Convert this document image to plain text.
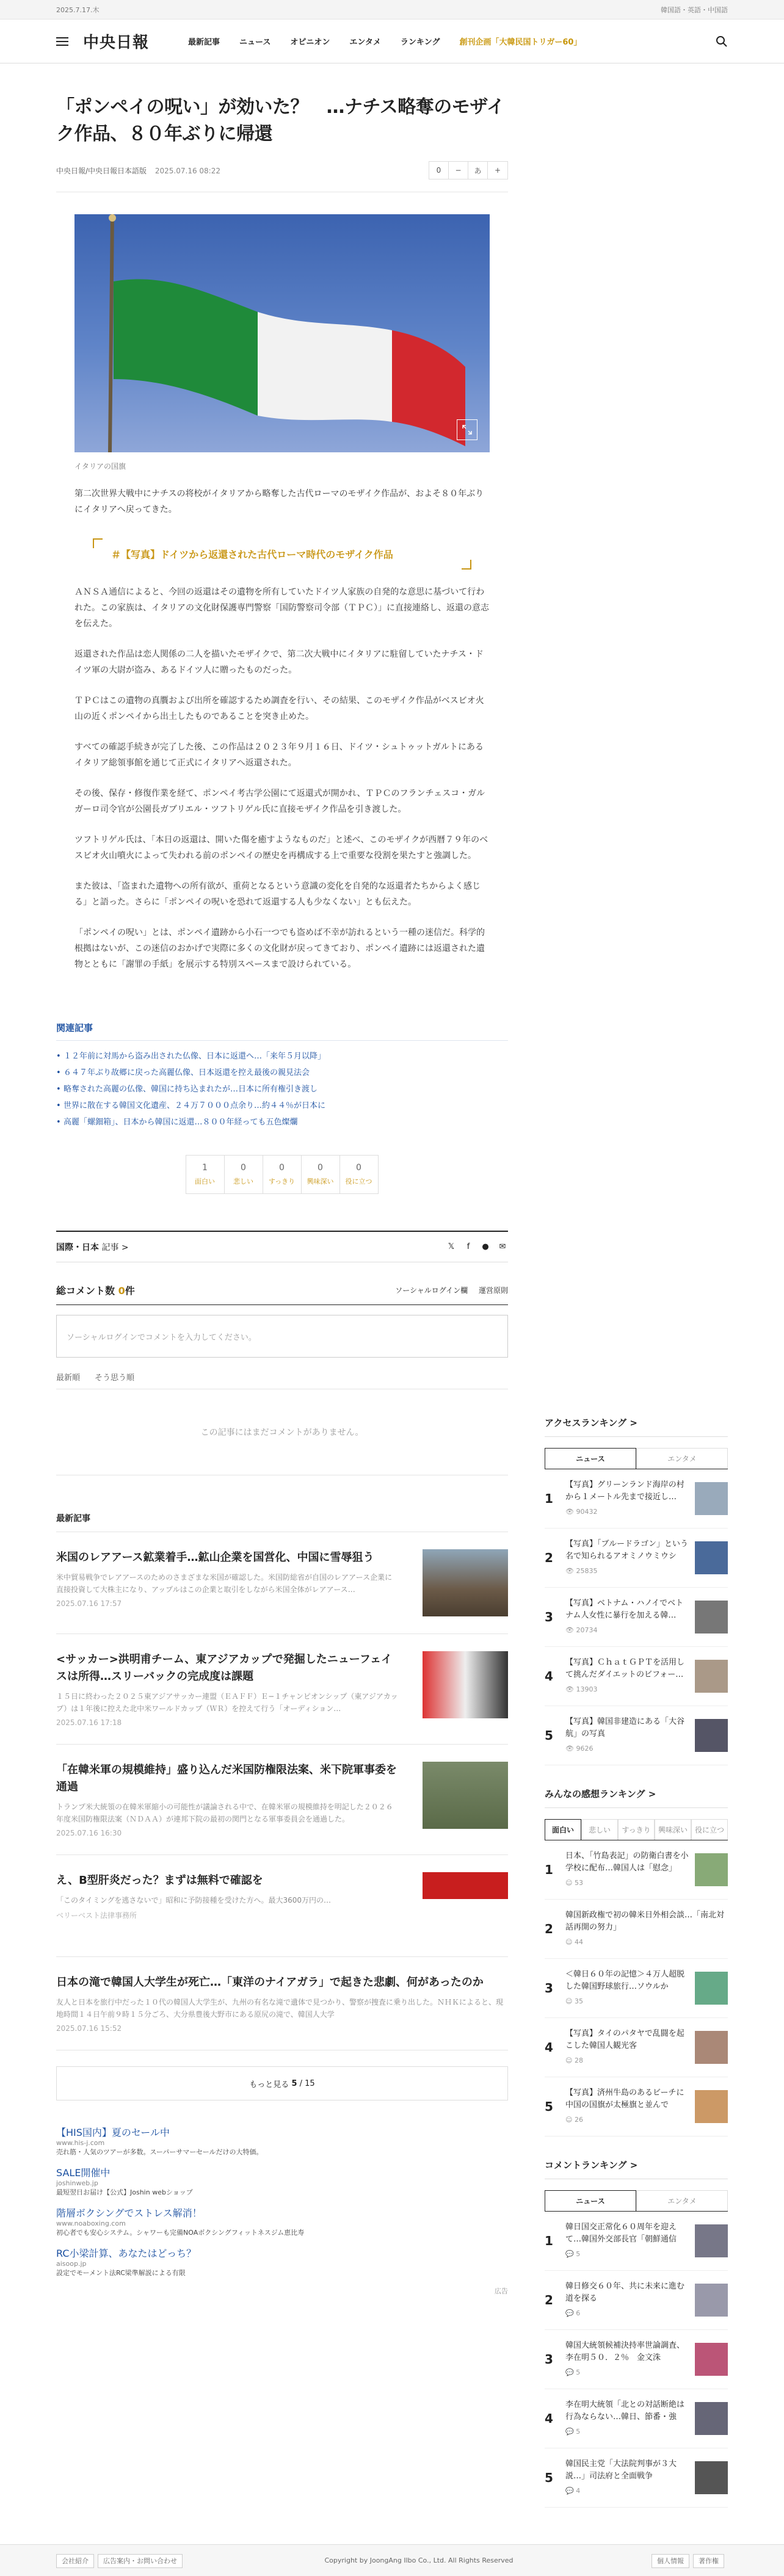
2025.7.17.木	韓国語・英語・中国語
中央日報	最新記事 ニュース オピニオン エンタメ ランキング 創刊企画「大韓民国トリガー60」
「ポンペイの呪い」が効いた？　…ナチス略奪のモザイク作品、８０年ぶりに帰還
中央日報/中央日報日本語版 2025.07.16 08:22	0	−	あ	+
イタリアの国旗

第二次世界大戦中にナチスの将校がイタリアから略奪した古代ローマのモザイク作品が、およそ８０年ぶりにイタリアへ戻ってきた。

＃【写真】ドイツから返還された古代ローマ時代のモザイク作品

ＡＮＳＡ通信によると、今回の返還はその遺物を所有していたドイツ人家族の自発的な意思に基づいて行われた。この家族は、イタリアの文化財保護専門警察「国防警察司令部（ＴＰＣ）」に直接連絡し、返還の意志を伝えた。

返還された作品は恋人関係の二人を描いたモザイクで、第二次大戦中にイタリアに駐留していたナチス・ドイツ軍の大尉が盗み、あるドイツ人に贈ったものだった。

ＴＰＣはこの遺物の真贋および出所を確認するため調査を行い、その結果、このモザイク作品がベスビオ火山の近くポンペイから出土したものであることを突き止めた。

すべての確認手続きが完了した後、この作品は２０２３年９月１６日、ドイツ・シュトゥットガルトにあるイタリア総領事館を通じて正式にイタリアへ返還された。

その後、保存・修復作業を経て、ポンペイ考古学公園にて返還式が開かれ、ＴＰＣのフランチェスコ・ガルガーロ司令官が公園長ガブリエル・ツフトリゲル氏に直接モザイク作品を引き渡した。

ツフトリゲル氏は、「本日の返還は、開いた傷を癒すようなものだ」と述べ、このモザイクが西暦７９年のベスビオ火山噴火によって失われる前のポンペイの歴史を再構成する上で重要な役割を果たすと強調した。

また彼は、「盗まれた遺物への所有欲が、重荷となるという意識の変化を自発的な返還者たちからよく感じる」と語った。さらに「ポンペイの呪いを恐れて返還する人も少なくない」とも伝えた。

「ポンペイの呪い」とは、ポンペイ遺跡から小石一つでも盗めば不幸が訪れるという一種の迷信だ。科学的根拠はないが、この迷信のおかげで実際に多くの文化財が戻ってきており、ポンペイ遺跡には返還された遺物とともに「謝罪の手紙」を展示する特別スペースまで設けられている。

関連記事
• １２年前に対馬から盗み出された仏像、日本に返還へ…「来年５月以降」
• ６４７年ぶり故郷に戻った高麗仏像、日本返還を控え最後の親見法会
• 略奪された高麗の仏像、韓国に持ち込まれたが…日本に所有権引き渡し
• 世界に散在する韓国文化遺産、２４万７０００点余り…約４４％が日本に
• 高麗「螺鈿箱」、日本から韓国に返還…８００年経っても五色燦爛
1
面白い
0
悲しい
0
すっきり
0
興味深い
0
役に立つ
国際・日本 記事 >	𝕏	f	● ✉
総コメント数 0件	ソーシャルログイン欄 運営原則
ソーシャルログインでコメントを入力してください。
最新順 そう思う順
この記事にはまだコメントがありません。
最新記事
米国のレアアース鉱業着手…鉱山企業を国営化、中国に雪辱狙う
米中貿易戦争でレアアースのためのさまざまな米国が確認した。米国防総省が自国のレアアース企業に直接投資して大株主になり、アップルはこの企業と取引をしながら米国全体がレアアース…
2025.07.16 17:57
<サッカー>洪明甫チーム、東アジアカップで発掘したニューフェイスは所得…スリーバックの完成度は課題
１５日に終わった２０２５東アジアサッカー連盟（ＥＡＦＦ）Ｅ−１チャンピオンシップ（東アジアカップ）は１年後に控えた北中米ワールドカップ（ＷＲ）を控えて行う「オーディション…
2025.07.16 17:18
「在韓米軍の規模維持」盛り込んだ米国防権限法案、米下院軍事委を通過
トランプ米大統領の在韓米軍縮小の可能性が議論される中で、在韓米軍の規模維持を明記した２０２６年度米国防権限法案（ＮＤＡＡ）が連邦下院の最初の関門となる軍事委員会を通過した。
2025.07.16 16:30
え、B型肝炎だった？まずは無料で確認を
「このタイミングを逃さないで」昭和に予防接種を受けた方へ。最大3600万円の…
ベリーベスト法律事務所
日本の滝で韓国人大学生が死亡…「東洋のナイアガラ」で起きた悲劇、何があったのか
友人と日本を旅行中だった１０代の韓国人大学生が、九州の有名な滝で遺体で見つかり、警察が捜査に乗り出した。ＮＨＫによると、現地時間１４日午前９時１５分ごろ、大分県豊後大野市にある原尻の滝で、韓国人大学
2025.07.16 15:52
もっと見る
5 / 15
【HIS国内】夏のセール中
www.his-j.com
売れ筋・人気のツアーが多数。スーパーサマーセールだけの大特価。
SALE開催中
joshinweb.jp
最短翌日お届け【公式】Joshin webショップ
階層ボクシングでストレス解消！
www.noaboxing.com
初心者でも安心システム。シャワーも完備NOAボクシングフィットネスジム恵比寿
RC小梁計算、あなたはどっち？
aisoop.jp
設定でモーメント法RC梁準解説による有限
広告
アクセスランキング >
ニュース	エンタメ
1
【写真】グリーンランド海岸の村から１メートル先まで接近し…
👁 90432
2
【写真】「ブルードラゴン」という名で知られるアオミノウミウシ
👁 25835
3
【写真】ベトナム・ハノイでベトナム人女性に暴行を加える韓…
👁 20734
4
【写真】ＣｈａｔＧＰＴを活用して挑んだダイエットのビフォー…
👁 13903
5
【写真】韓国非建造にある「大谷航」の写真
👁 9626
みんなの感想ランキング >
面白い	悲しい	すっきり	興味深い 役に立つ
1
日本、「竹島表記」の防衛白書を小学校に配布…韓国人は「慰念」
☺ 53
2
韓国新政権で初の韓米日外相会談…「南北対話再開の努力」
☺ 44
3
＜韓日６０年の記憶＞４万人超脱した韓国野球旅行…ソウルか
☺ 35
4
【写真】タイのパタヤで乱闘を起こした韓国人観光客
☺ 28
5
【写真】済州牛島のあるビーチに中国の国旗が太極旗と並んで
☺ 26
コメントランキング >
ニュース	エンタメ
1
韓日国交正常化６０周年を迎えて…韓国外交部長官「朝鮮通信
💬 5
2
韓日修交６０年、共に未来に進む道を探る
💬 6
3
韓国大統領候補決持率世論調査、李在明５０．２％　金文洙
💬 5
4
李在明大統領「北との対話断絶は行為ならない…韓日、節番・強
💬 5
5
韓国民主党「大法院判事が３大説…」司法府と全面戦争
💬 4
会社紹介 広告案内・お問い合わせ	Copyright by JoongAng Ilbo Co., Ltd. All Rights Reserved	個人情報 著作権
